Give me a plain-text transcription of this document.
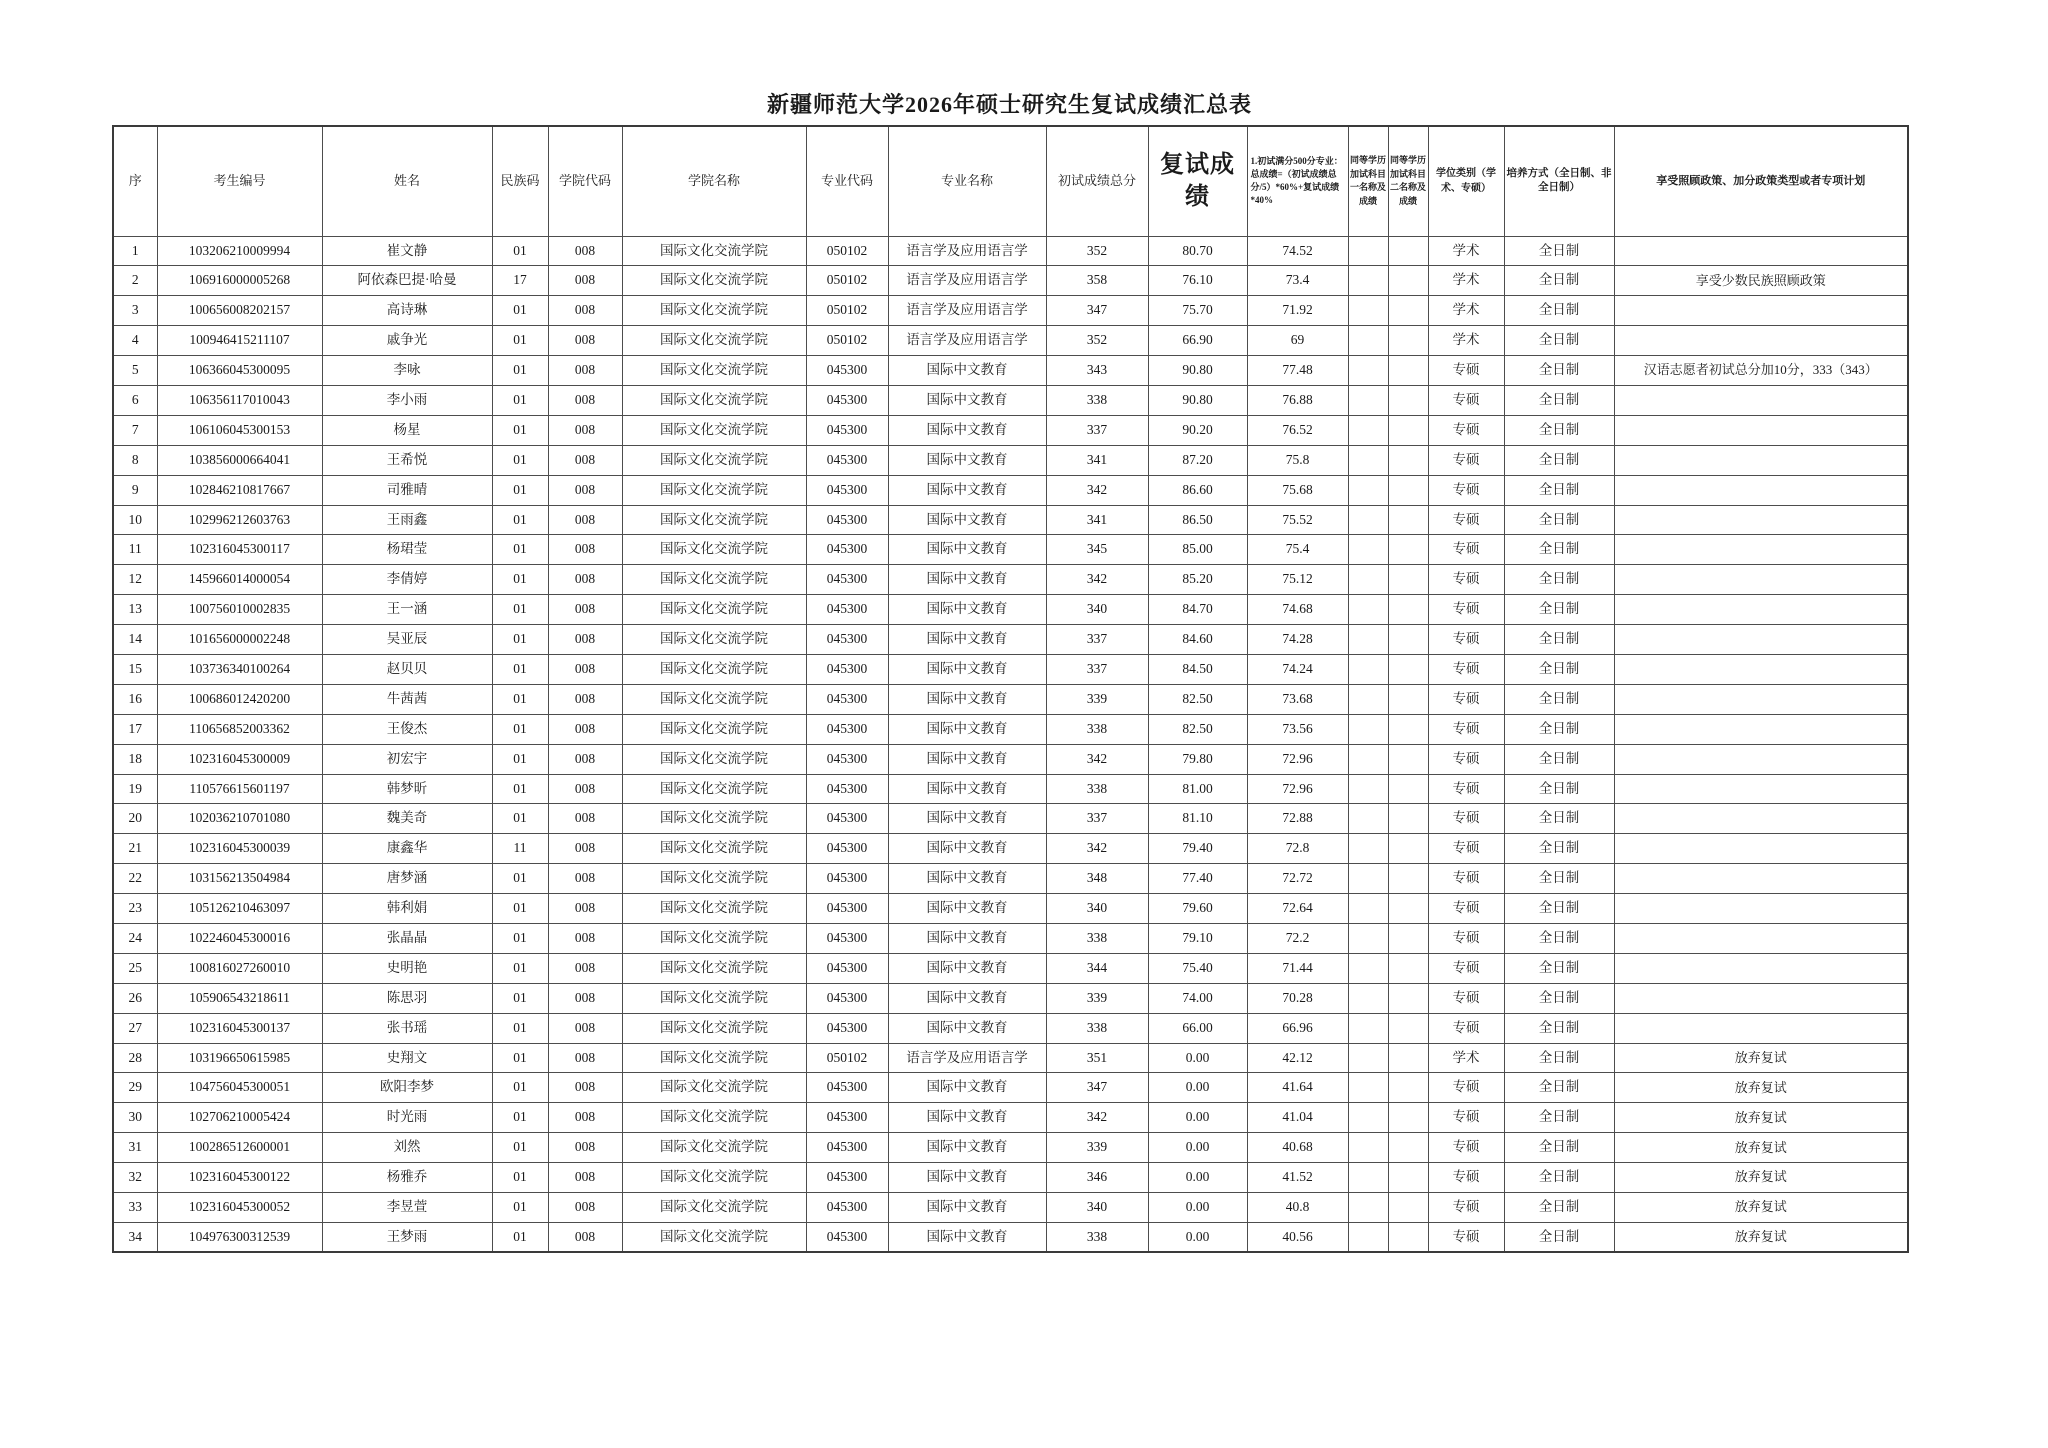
新疆师范大学2026年硕士研究生复试成绩汇总表
序	考生编号	姓名	民族码	学院代码	学院名称	专业代码	专业名称	初试成绩总分	复试成绩	1.初试满分500分专业：总成绩=（初试成绩总分/5）*60%+复试成绩*40%	同等学历加试科目一名称及成绩	同等学历加试科目二名称及成绩	学位类别（学术、专硕）	培养方式（全日制、非全日制）	享受照顾政策、加分政策类型或者专项计划
1	103206210009994	崔文静	01	008	国际文化交流学院	050102	语言学及应用语言学	352	80.70	74.52			学术	全日制	
2	106916000005268	阿依森巴提·哈曼	17	008	国际文化交流学院	050102	语言学及应用语言学	358	76.10	73.4			学术	全日制	享受少数民族照顾政策
3	100656008202157	高诗琳	01	008	国际文化交流学院	050102	语言学及应用语言学	347	75.70	71.92			学术	全日制	
4	100946415211107	戚争光	01	008	国际文化交流学院	050102	语言学及应用语言学	352	66.90	69			学术	全日制	
5	106366045300095	李咏	01	008	国际文化交流学院	045300	国际中文教育	343	90.80	77.48			专硕	全日制	汉语志愿者初试总分加10分，333（343）
6	106356117010043	李小雨	01	008	国际文化交流学院	045300	国际中文教育	338	90.80	76.88			专硕	全日制	
7	106106045300153	杨星	01	008	国际文化交流学院	045300	国际中文教育	337	90.20	76.52			专硕	全日制	
8	103856000664041	王希悦	01	008	国际文化交流学院	045300	国际中文教育	341	87.20	75.8			专硕	全日制	
9	102846210817667	司雅晴	01	008	国际文化交流学院	045300	国际中文教育	342	86.60	75.68			专硕	全日制	
10	102996212603763	王雨鑫	01	008	国际文化交流学院	045300	国际中文教育	341	86.50	75.52			专硕	全日制	
11	102316045300117	杨珺莹	01	008	国际文化交流学院	045300	国际中文教育	345	85.00	75.4			专硕	全日制	
12	145966014000054	李倩婷	01	008	国际文化交流学院	045300	国际中文教育	342	85.20	75.12			专硕	全日制	
13	100756010002835	王一涵	01	008	国际文化交流学院	045300	国际中文教育	340	84.70	74.68			专硕	全日制	
14	101656000002248	吴亚辰	01	008	国际文化交流学院	045300	国际中文教育	337	84.60	74.28			专硕	全日制	
15	103736340100264	赵贝贝	01	008	国际文化交流学院	045300	国际中文教育	337	84.50	74.24			专硕	全日制	
16	100686012420200	牛茜茜	01	008	国际文化交流学院	045300	国际中文教育	339	82.50	73.68			专硕	全日制	
17	110656852003362	王俊杰	01	008	国际文化交流学院	045300	国际中文教育	338	82.50	73.56			专硕	全日制	
18	102316045300009	初宏宇	01	008	国际文化交流学院	045300	国际中文教育	342	79.80	72.96			专硕	全日制	
19	110576615601197	韩梦昕	01	008	国际文化交流学院	045300	国际中文教育	338	81.00	72.96			专硕	全日制	
20	102036210701080	魏美奇	01	008	国际文化交流学院	045300	国际中文教育	337	81.10	72.88			专硕	全日制	
21	102316045300039	康鑫华	11	008	国际文化交流学院	045300	国际中文教育	342	79.40	72.8			专硕	全日制	
22	103156213504984	唐梦涵	01	008	国际文化交流学院	045300	国际中文教育	348	77.40	72.72			专硕	全日制	
23	105126210463097	韩利娟	01	008	国际文化交流学院	045300	国际中文教育	340	79.60	72.64			专硕	全日制	
24	102246045300016	张晶晶	01	008	国际文化交流学院	045300	国际中文教育	338	79.10	72.2			专硕	全日制	
25	100816027260010	史明艳	01	008	国际文化交流学院	045300	国际中文教育	344	75.40	71.44			专硕	全日制	
26	105906543218611	陈思羽	01	008	国际文化交流学院	045300	国际中文教育	339	74.00	70.28			专硕	全日制	
27	102316045300137	张书瑶	01	008	国际文化交流学院	045300	国际中文教育	338	66.00	66.96			专硕	全日制	
28	103196650615985	史翔文	01	008	国际文化交流学院	050102	语言学及应用语言学	351	0.00	42.12			学术	全日制	放弃复试
29	104756045300051	欧阳李梦	01	008	国际文化交流学院	045300	国际中文教育	347	0.00	41.64			专硕	全日制	放弃复试
30	102706210005424	时光雨	01	008	国际文化交流学院	045300	国际中文教育	342	0.00	41.04			专硕	全日制	放弃复试
31	100286512600001	刘然	01	008	国际文化交流学院	045300	国际中文教育	339	0.00	40.68			专硕	全日制	放弃复试
32	102316045300122	杨雅乔	01	008	国际文化交流学院	045300	国际中文教育	346	0.00	41.52			专硕	全日制	放弃复试
33	102316045300052	李昱萱	01	008	国际文化交流学院	045300	国际中文教育	340	0.00	40.8			专硕	全日制	放弃复试
34	104976300312539	王梦雨	01	008	国际文化交流学院	045300	国际中文教育	338	0.00	40.56			专硕	全日制	放弃复试
